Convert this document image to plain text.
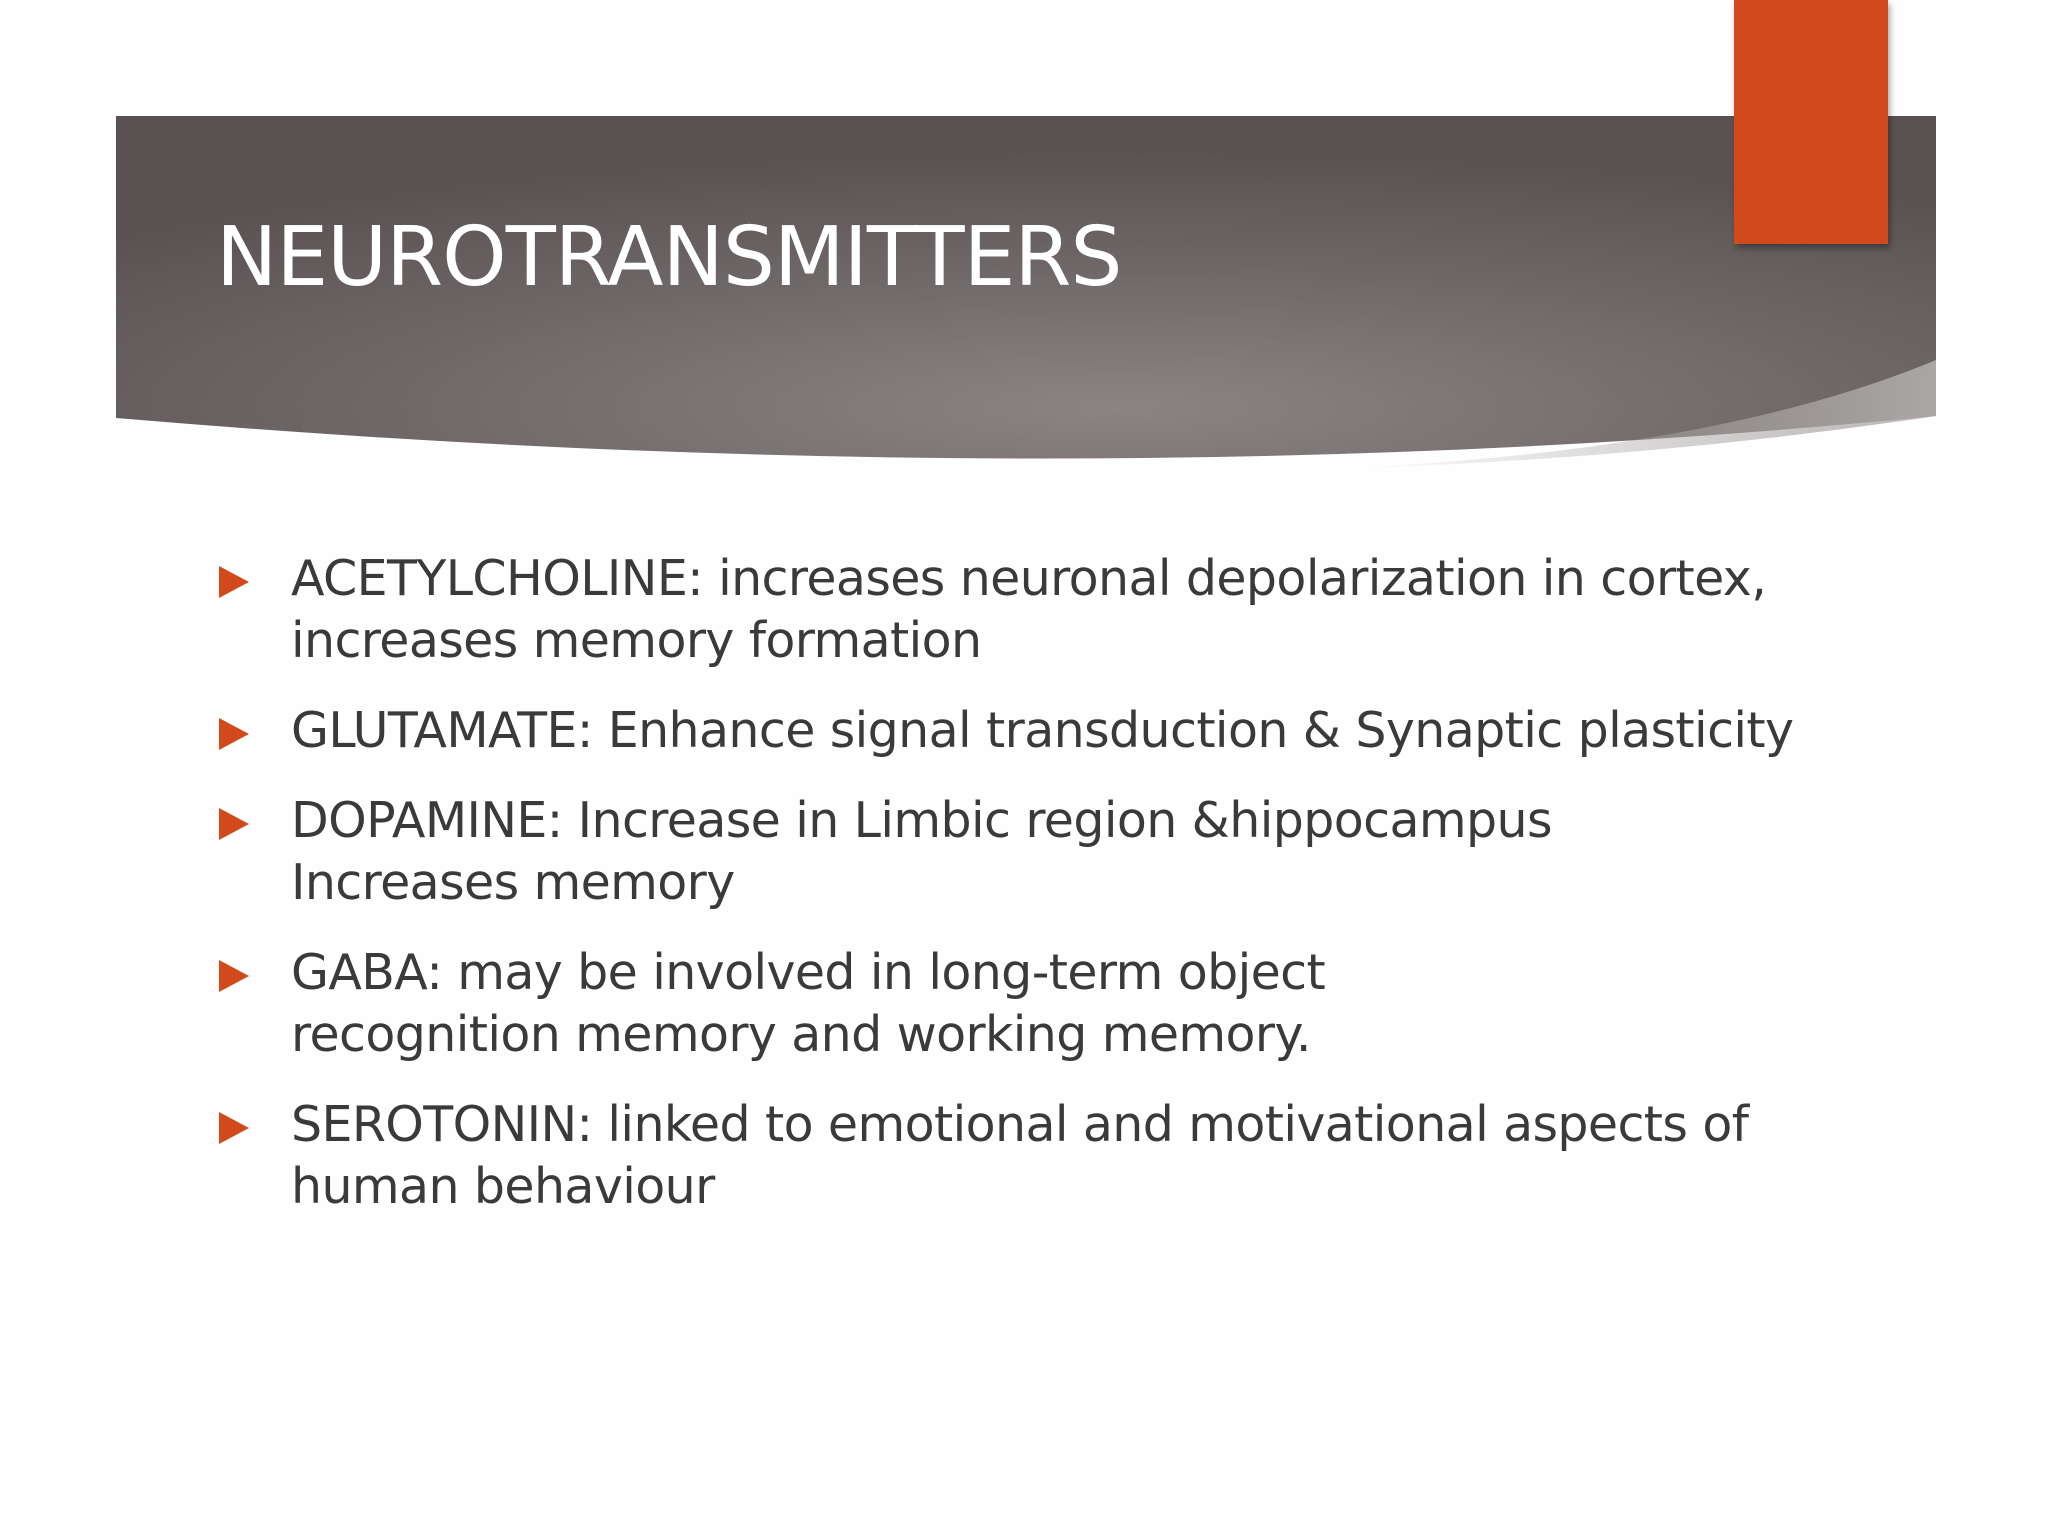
NEUROTRANSMITTERS
ACETYLCHOLINE: increases neuronal depolarization in cortex,
increases memory formation
GLUTAMATE: Enhance signal transduction & Synaptic plasticity
DOPAMINE: Increase in Limbic region &hippocampus
Increases memory
GABA: may be involved in long-term object
recognition memory and working memory.
SEROTONIN: linked to emotional and motivational aspects of
human behaviour
